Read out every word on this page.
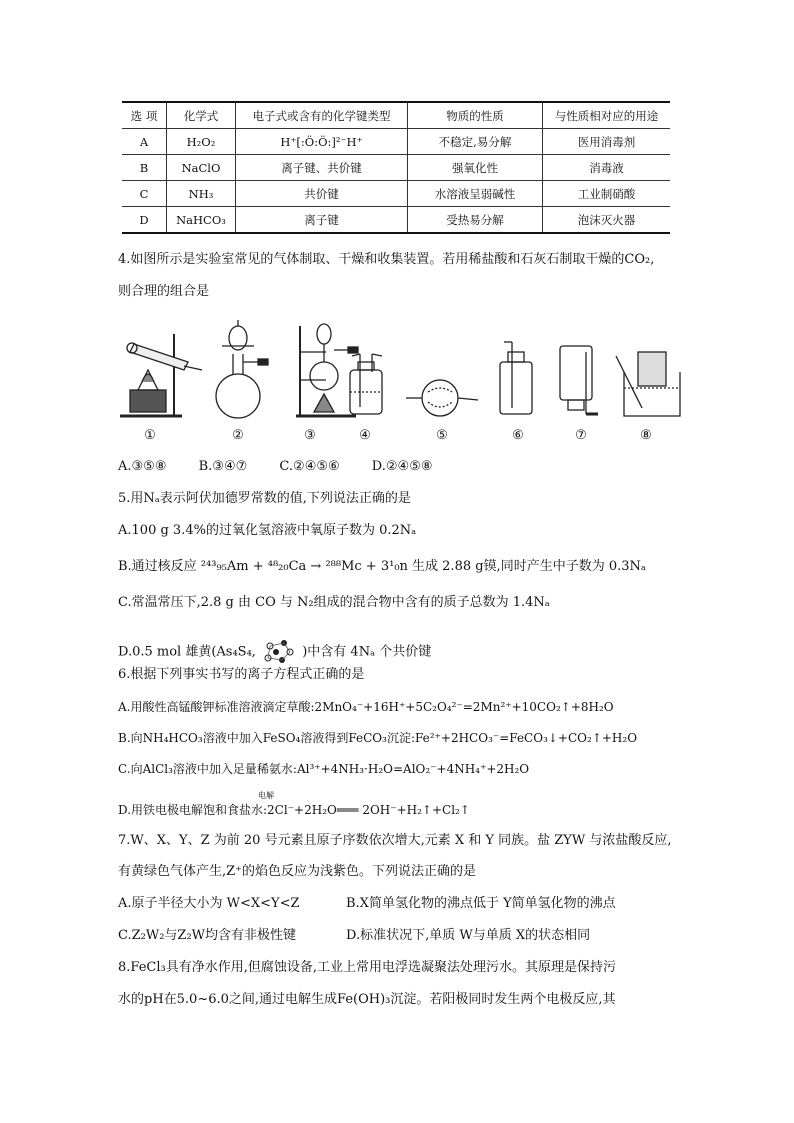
选 项	化学式	电子式或含有的化学键类型	物质的性质	与性质相对应的用途
A	H₂O₂	H⁺[:Ö:Ö:]²⁻H⁺	不稳定,易分解	医用消毒剂
B	NaClO	离子键、共价键	强氧化性	消毒液
C	NH₃	共价键	水溶液呈弱碱性	工业制硝酸
D	NaHCO₃	离子键	受热易分解	泡沫灭火器
4.如图所示是实验室常见的气体制取、干燥和收集装置。若用稀盐酸和石灰石制取干燥的CO₂,
则合理的组合是
①	②	③	④	⑤	⑥	⑦	⑧
A.③⑤⑧ B.③④⑦ C.②④⑤⑥ D.②④⑤⑧
5.用Nₐ表示阿伏加德罗常数的值,下列说法正确的是
A.100 g 3.4%的过氧化氢溶液中氧原子数为 0.2Nₐ
B.通过核反应 ²⁴³₉₅Am + ⁴⁸₂₀Ca → ²⁸⁸Mc + 3¹₀n 生成 2.88 g镆,同时产生中子数为 0.3Nₐ
C.常温常压下,2.8 g 由 CO 与 N₂组成的混合物中含有的质子总数为 1.4Nₐ
D.0.5 mol 雄黄(As₄S₄,	)中含有 4Nₐ 个共价键
6.根据下列事实书写的离子方程式正确的是
A.用酸性高锰酸钾标准溶液滴定草酸:2MnO₄⁻+16H⁺+5C₂O₄²⁻=2Mn²⁺+10CO₂↑+8H₂O
B.向NH₄HCO₃溶液中加入FeSO₄溶液得到FeCO₃沉淀:Fe²⁺+2HCO₃⁻=FeCO₃↓+CO₂↑+H₂O
C.向AlCl₃溶液中加入足量稀氨水:Al³⁺+4NH₃·H₂O=AlO₂⁻+4NH₄⁺+2H₂O
电解
D.用铁电极电解饱和食盐水:2Cl⁻+2H₂O═══ 2OH⁻+H₂↑+Cl₂↑
7.W、X、Y、Z 为前 20 号元素且原子序数依次增大,元素 X 和 Y 同族。盐 ZYW 与浓盐酸反应,
有黄绿色气体产生,Z⁺的焰色反应为浅紫色。下列说法正确的是
A.原子半径大小为 W<X<Y<Z	B.X简单氢化物的沸点低于 Y简单氢化物的沸点
C.Z₂W₂与Z₂W均含有非极性键	D.标准状况下,单质 W与单质 X的状态相同
8.FeCl₃具有净水作用,但腐蚀设备,工业上常用电浮选凝聚法处理污水。其原理是保持污
水的pH在5.0~6.0之间,通过电解生成Fe(OH)₃沉淀。若阳极同时发生两个电极反应,其
